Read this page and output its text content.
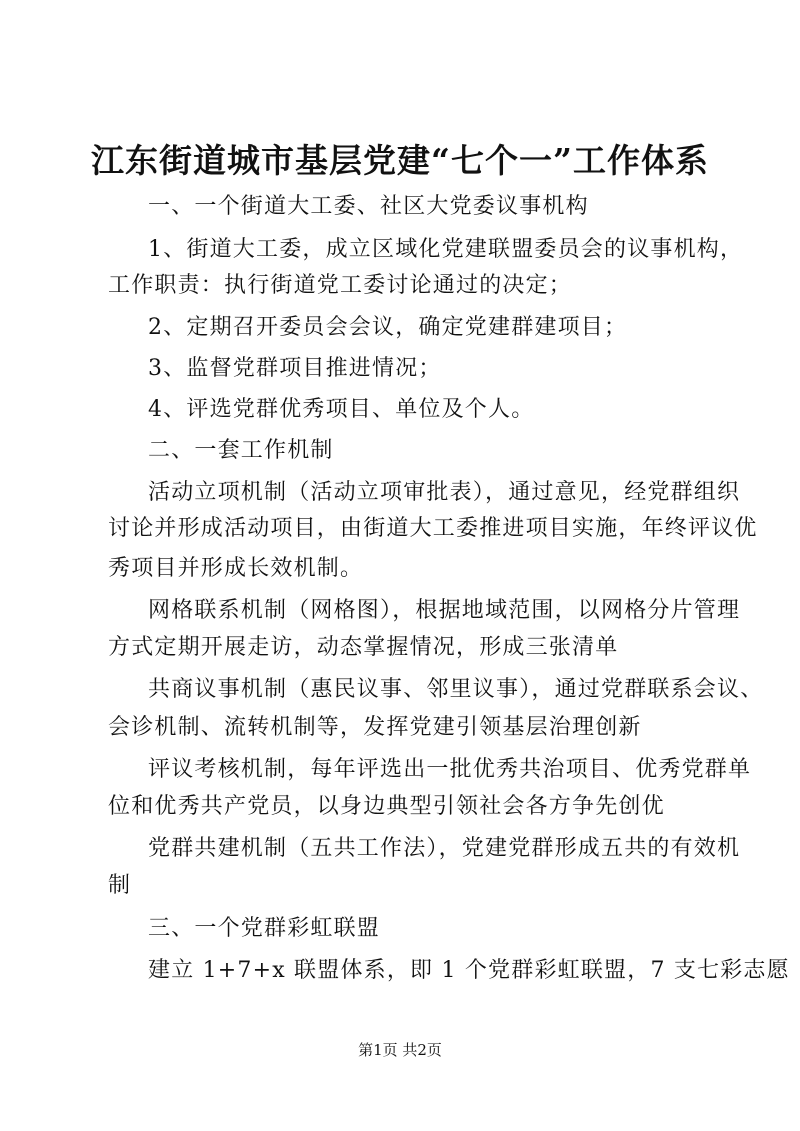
江东街道城市基层党建“七个一”工作体系
一、一个街道大工委、社区大党委议事机构
1、街道大工委，成立区域化党建联盟委员会的议事机构，
工作职责：执行街道党工委讨论通过的决定；
2、定期召开委员会会议，确定党建群建项目；
3、监督党群项目推进情况；
4、评选党群优秀项目、单位及个人。
二、一套工作机制
活动立项机制（活动立项审批表），通过意见，经党群组织
讨论并形成活动项目，由街道大工委推进项目实施，年终评议优
秀项目并形成长效机制。
网格联系机制（网格图），根据地域范围，以网格分片管理
方式定期开展走访，动态掌握情况，形成三张清单
共商议事机制（惠民议事、邻里议事），通过党群联系会议、
会诊机制、流转机制等，发挥党建引领基层治理创新
评议考核机制，每年评选出一批优秀共治项目、优秀党群单
位和优秀共产党员，以身边典型引领社会各方争先创优
党群共建机制（五共工作法），党建党群形成五共的有效机
制
三、一个党群彩虹联盟
建立 1+7+x 联盟体系，即 1 个党群彩虹联盟，7 支七彩志愿
第1页 共2页
